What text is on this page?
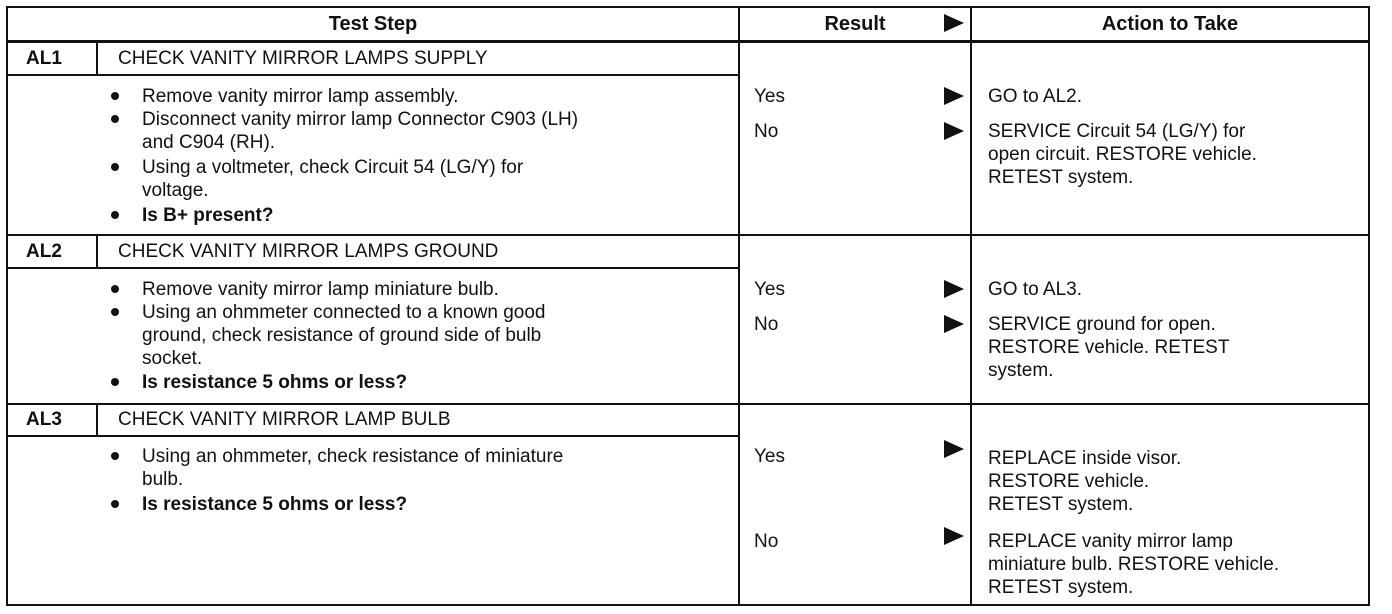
Test Step	Result	Action to Take
AL1	CHECK VANITY MIRROR LAMPS SUPPLY
Remove vanity mirror lamp assembly.
Disconnect vanity mirror lamp Connector C903 (LH)
and C904 (RH).
Using a voltmeter, check Circuit 54 (LG/Y) for
voltage.
Is B+ present?
Yes	GO to AL2.
No	SERVICE Circuit 54 (LG/Y) for
open circuit. RESTORE vehicle.
RETEST system.
AL2	CHECK VANITY MIRROR LAMPS GROUND
Remove vanity mirror lamp miniature bulb.
Using an ohmmeter connected to a known good
ground, check resistance of ground side of bulb
socket.
Is resistance 5 ohms or less?
Yes	GO to AL3.
No	SERVICE ground for open.
RESTORE vehicle. RETEST
system.
AL3	CHECK VANITY MIRROR LAMP BULB
Using an ohmmeter, check resistance of miniature
bulb.
Is resistance 5 ohms or less?
Yes	REPLACE inside visor.
RESTORE vehicle.
RETEST system.
No	REPLACE vanity mirror lamp
miniature bulb. RESTORE vehicle.
RETEST system.
